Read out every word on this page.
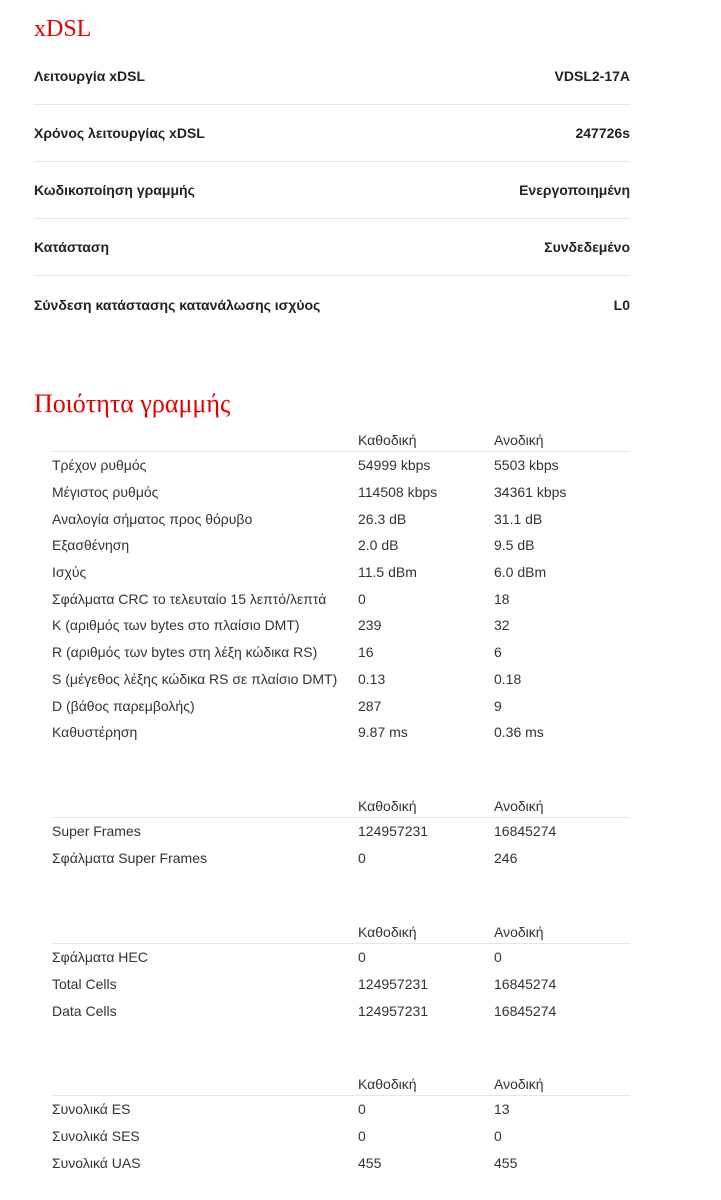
xDSL
Λειτουργία xDSL	VDSL2-17A
Χρόνος λειτουργίας xDSL	247726s
Κωδικοποίηση γραμμής	Ενεργοποιημένη
Κατάσταση	Συνδεδεμένο
Σύνδεση κατάστασης κατανάλωσης ισχύος	L0
Ποιότητα γραμμής
Καθοδική	Ανοδική
Τρέχον ρυθμός	54999 kbps	5503 kbps
Μέγιστος ρυθμός	114508 kbps	34361 kbps
Αναλογία σήματος προς θόρυβο	26.3 dB	31.1 dB
Εξασθένηση	2.0 dB	9.5 dB
Ισχύς	11.5 dBm	6.0 dBm
Σφάλματα CRC το τελευταίο 15 λεπτό/λεπτά	0	18
K (αριθμός των bytes στο πλαίσιο DMT)	239	32
R (αριθμός των bytes στη λέξη κώδικα RS)	16	6
S (μέγεθος λέξης κώδικα RS σε πλαίσιο DMT)	0.13	0.18
D (βάθος παρεμβολής)	287	9
Καθυστέρηση	9.87 ms	0.36 ms
Καθοδική	Ανοδική
Super Frames	124957231	16845274
Σφάλματα Super Frames	0	246
Καθοδική	Ανοδική
Σφάλματα HEC	0	0
Total Cells	124957231	16845274
Data Cells	124957231	16845274
Καθοδική	Ανοδική
Συνολικά ES	0	13
Συνολικά SES	0	0
Συνολικά UAS	455	455
